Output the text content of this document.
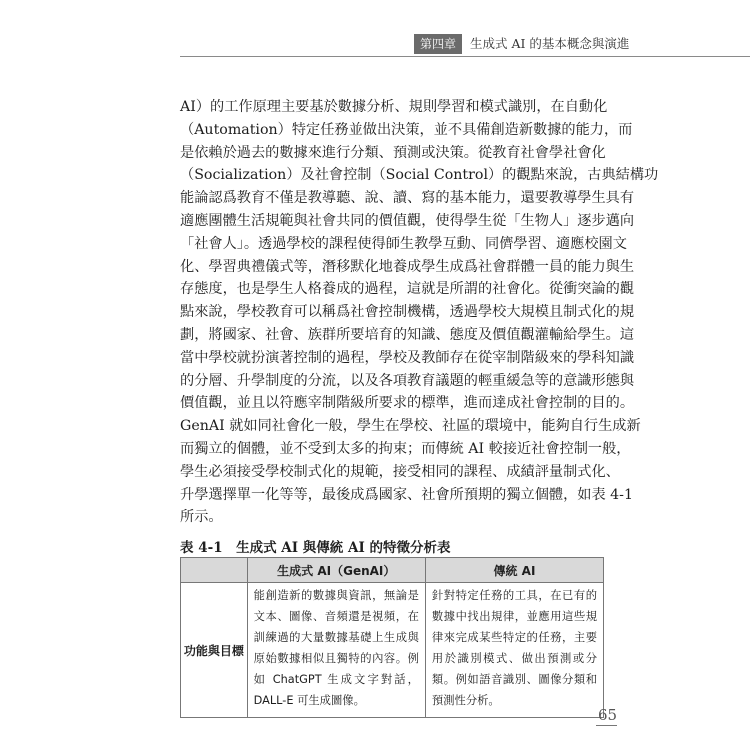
第四章	生成式 AI 的基本概念與演進
AI）的工作原理主要基於數據分析、規則學習和模式識別，在自動化
（Automation）特定任務並做出決策，並不具備創造新數據的能力，而
是依賴於過去的數據來進行分類、預測或決策。從教育社會學社會化
（Socialization）及社會控制（Social Control）的觀點來說，古典結構功
能論認爲教育不僅是教導聽、說、讀、寫的基本能力，還要教導學生具有
適應團體生活規範與社會共同的價值觀，使得學生從「生物人」逐步邁向
「社會人」。透過學校的課程使得師生教學互動、同儕學習、適應校園文
化、學習典禮儀式等，潛移默化地養成學生成爲社會群體一員的能力與生
存態度，也是學生人格養成的過程，這就是所謂的社會化。從衝突論的觀
點來說，學校教育可以稱爲社會控制機構，透過學校大規模且制式化的規
劃，將國家、社會、族群所要培育的知識、態度及價值觀灌輸給學生。這
當中學校就扮演著控制的過程，學校及教師存在從宰制階級來的學科知識
的分層、升學制度的分流，以及各項教育議題的輕重緩急等的意識形態與
價值觀，並且以符應宰制階級所要求的標準，進而達成社會控制的目的。
GenAI 就如同社會化一般，學生在學校、社區的環境中，能夠自行生成新
而獨立的個體，並不受到太多的拘束；而傳統 AI 較接近社會控制一般，
學生必須接受學校制式化的規範，接受相同的課程、成績評量制式化、
升學選擇單一化等等，最後成爲國家、社會所預期的獨立個體，如表 4-1
所示。
表 4-1　生成式 AI 與傳統 AI 的特徵分析表
	生成式 AI（GenAI）	傳統 AI
功能與目標	能創造新的數據與資訊，無論是文本、圖像、音頻還是視頻，在訓練過的大量數據基礎上生成與原始數據相似且獨特的內容。例如 ChatGPT 生成文字對話，DALL-E 可生成圖像。	針對特定任務的工具，在已有的數據中找出規律，並應用這些規律來完成某些特定的任務，主要用於識別模式、做出預測或分類。例如語音識別、圖像分類和預測性分析。
65
